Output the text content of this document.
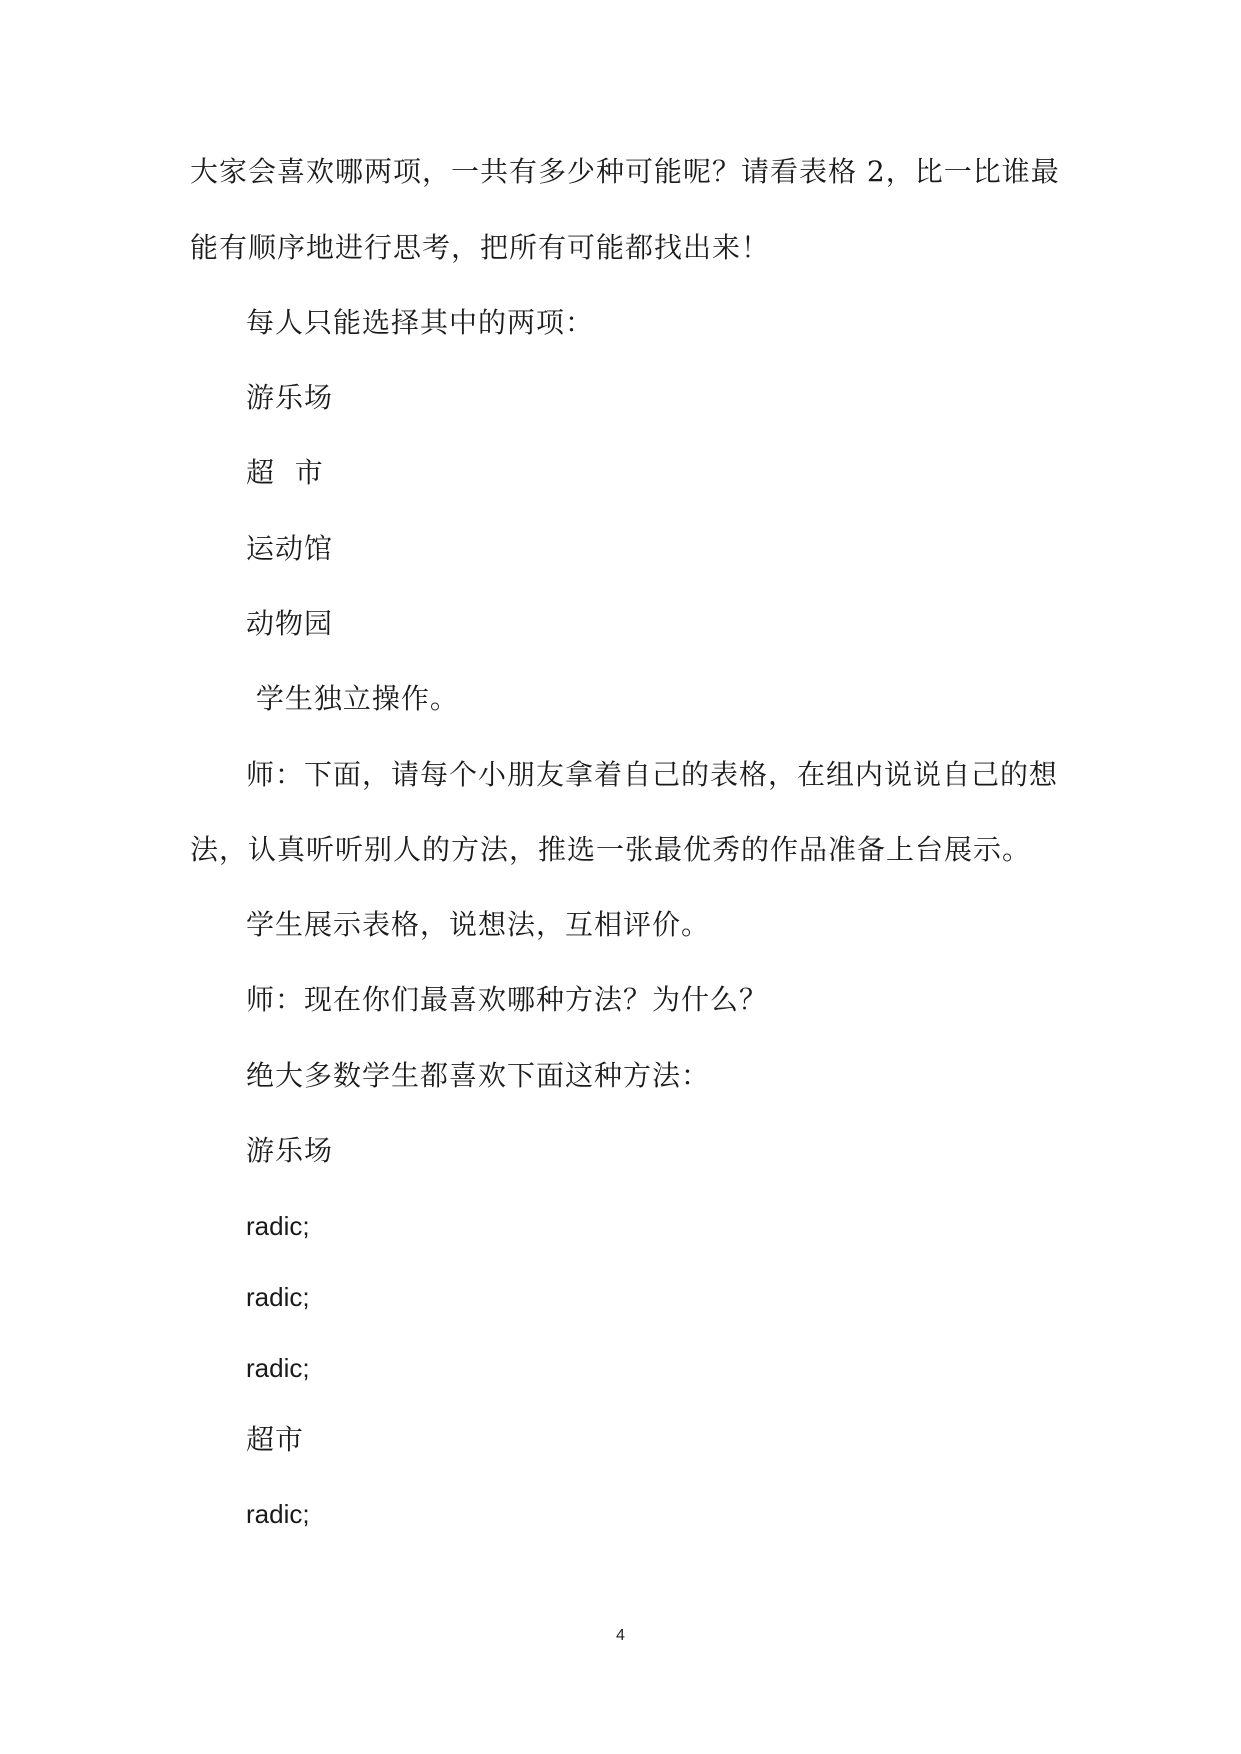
大家会喜欢哪两项，一共有多少种可能呢？请看表格 2，比一比谁最
能有顺序地进行思考，把所有可能都找出来！
每人只能选择其中的两项：
游乐场
超  市
运动馆
动物园
学生独立操作。
师：下面，请每个小朋友拿着自己的表格，在组内说说自己的想
法，认真听听别人的方法，推选一张最优秀的作品准备上台展示。
学生展示表格，说想法，互相评价。
师：现在你们最喜欢哪种方法？为什么？
绝大多数学生都喜欢下面这种方法：
游乐场
radic;
radic;
radic;
超市
radic;
4
